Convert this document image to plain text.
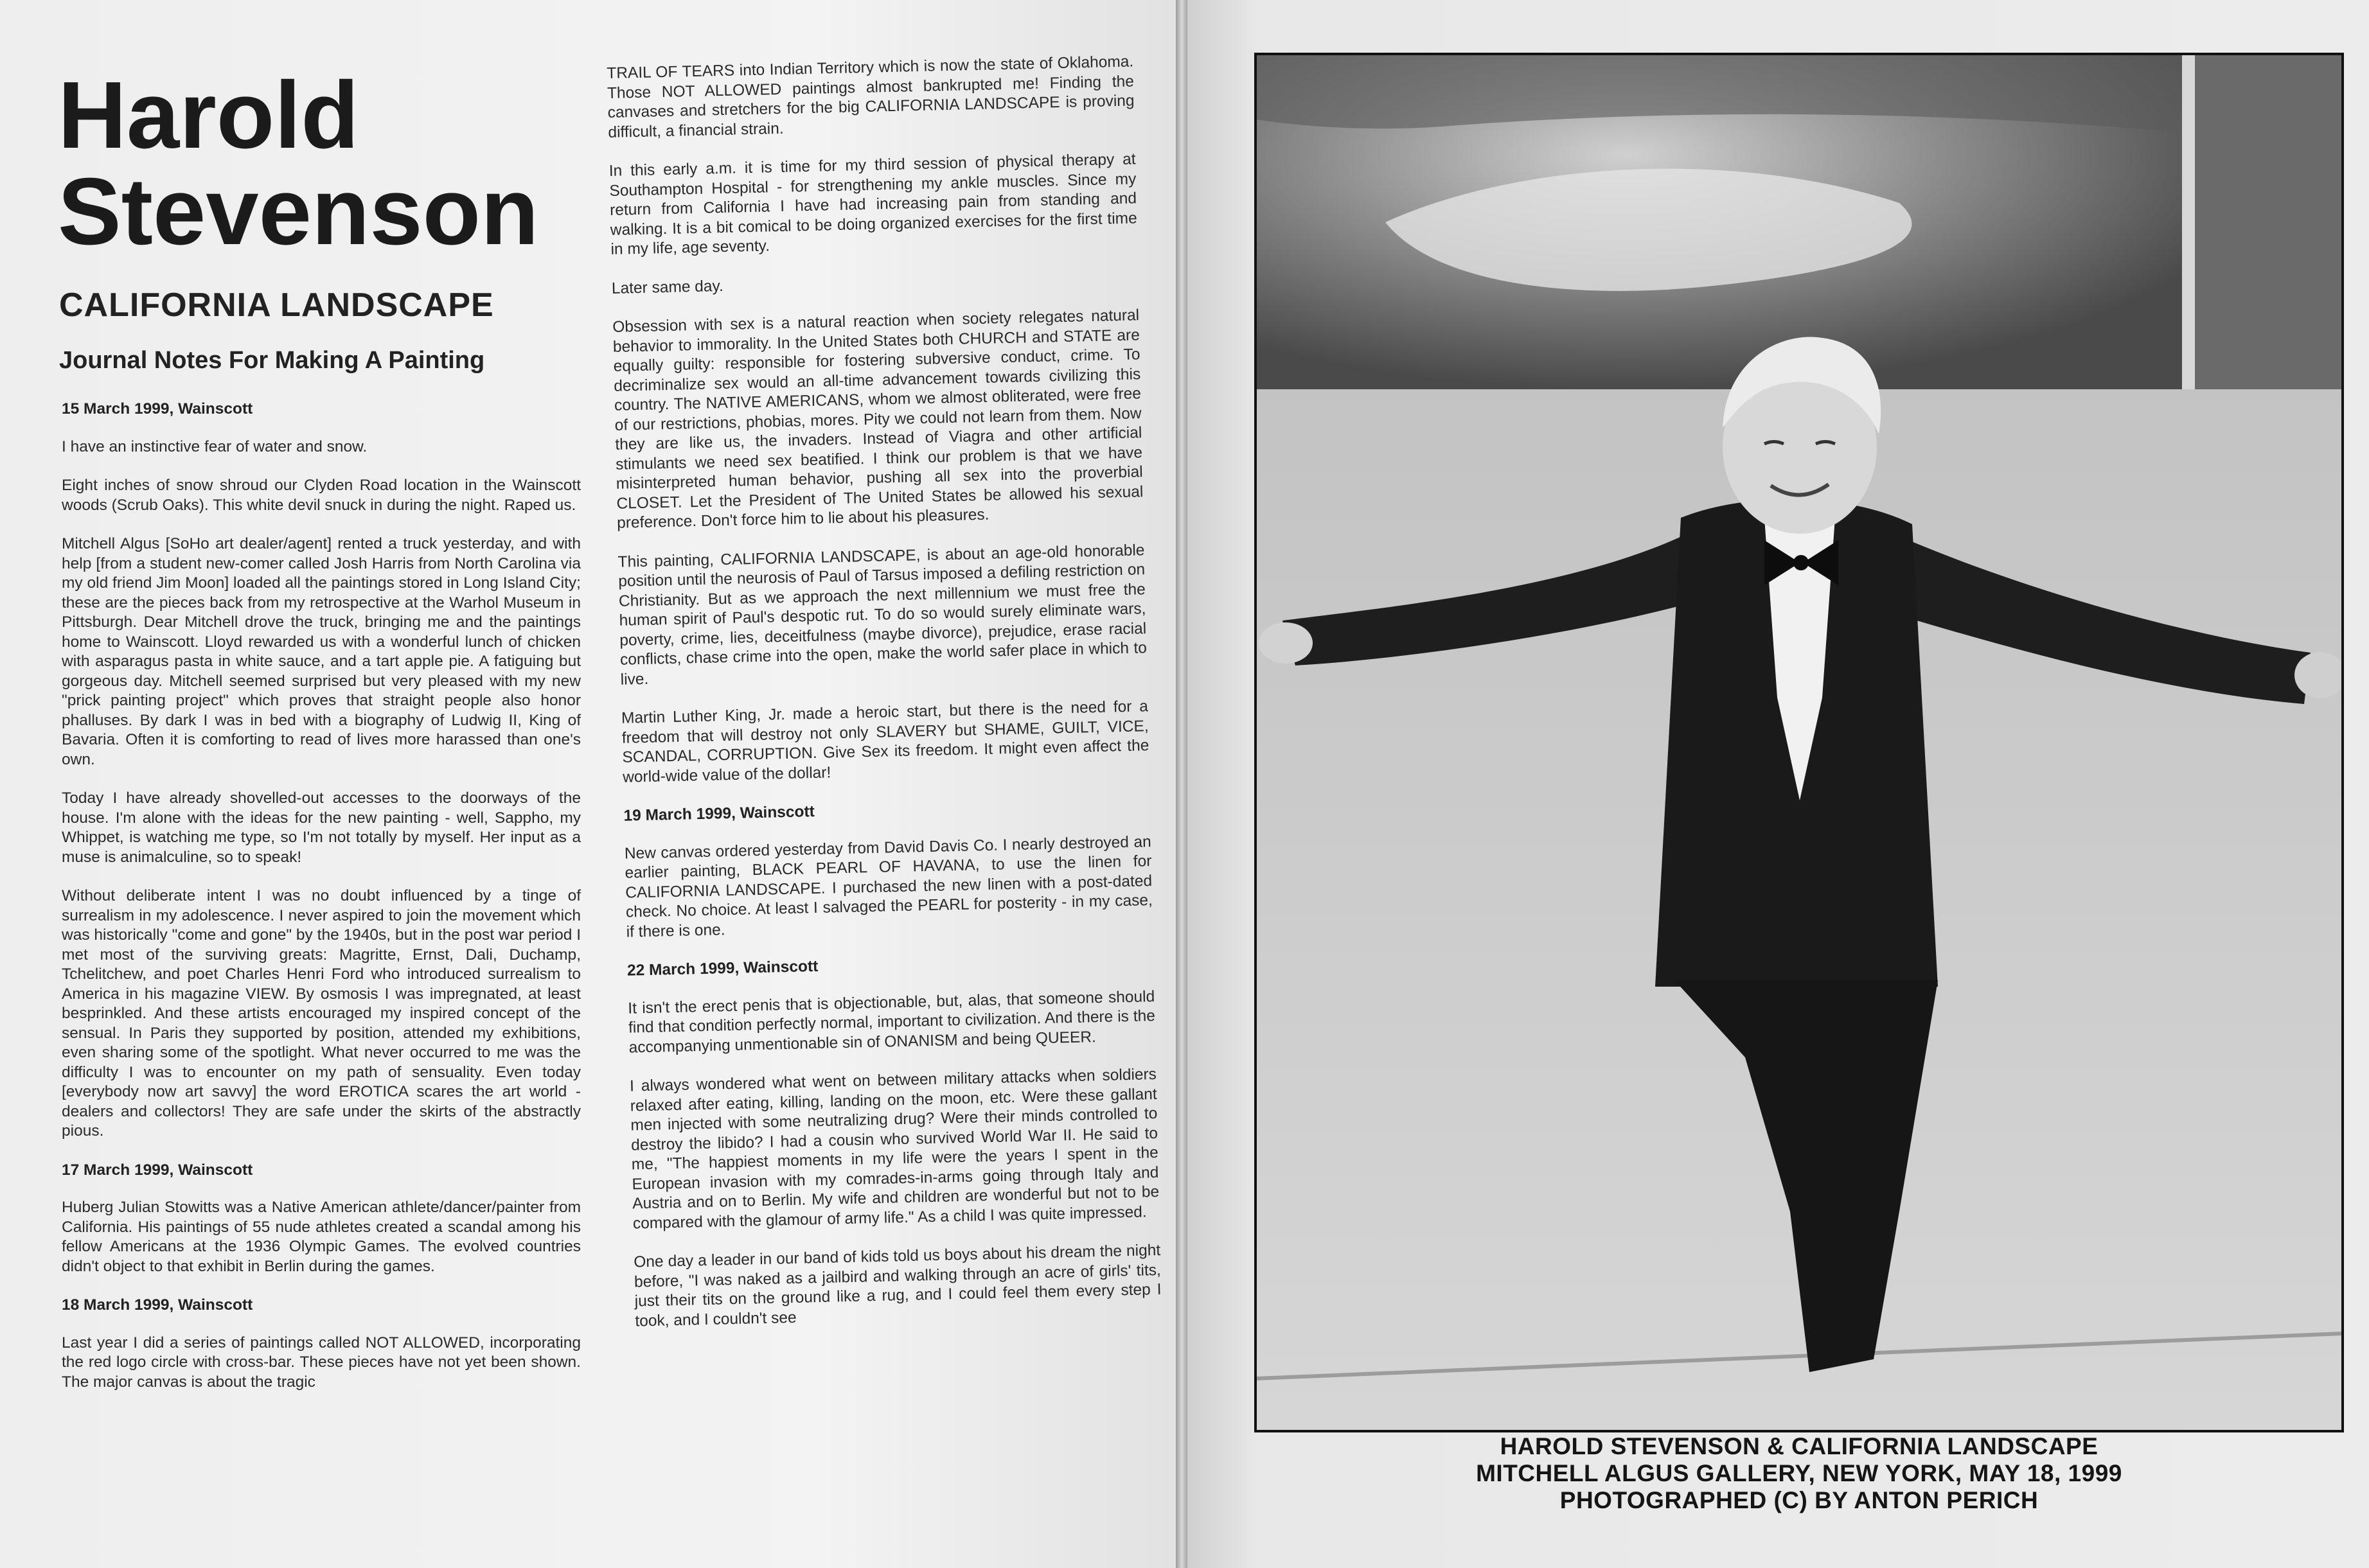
Harold
Stevenson
CALIFORNIA LANDSCAPE
Journal Notes For Making A Painting

15 March 1999, Wainscott

I have an instinctive fear of water and snow.

Eight inches of snow shroud our Clyden Road location in the Wainscott woods (Scrub Oaks). This white devil snuck in during the night. Raped us.

Mitchell Algus [SoHo art dealer/agent] rented a truck yesterday, and with help [from a student new-comer called Josh Harris from North Carolina via my old friend Jim Moon] loaded all the paintings stored in Long Island City; these are the pieces back from my retrospective at the Warhol Museum in Pittsburgh. Dear Mitchell drove the truck, bringing me and the paintings home to Wainscott. Lloyd rewarded us with a wonderful lunch of chicken with asparagus pasta in white sauce, and a tart apple pie. A fatiguing but gorgeous day. Mitchell seemed surprised but very pleased with my new "prick painting project" which proves that straight people also honor phalluses. By dark I was in bed with a biography of Ludwig II, King of Bavaria. Often it is comforting to read of lives more harassed than one's own.

Today I have already shovelled-out accesses to the doorways of the house. I'm alone with the ideas for the new painting - well, Sappho, my Whippet, is watching me type, so I'm not totally by myself. Her input as a muse is animalculine, so to speak!

Without deliberate intent I was no doubt influenced by a tinge of surrealism in my adolescence. I never aspired to join the movement which was historically "come and gone" by the 1940s, but in the post war period I met most of the surviving greats: Magritte, Ernst, Dali, Duchamp, Tchelitchew, and poet Charles Henri Ford who introduced surrealism to America in his magazine VIEW. By osmosis I was impregnated, at least besprinkled. And these artists encouraged my inspired concept of the sensual. In Paris they supported by position, attended my exhibitions, even sharing some of the spotlight. What never occurred to me was the difficulty I was to encounter on my path of sensuality. Even today [everybody now art savvy] the word EROTICA scares the art world - dealers and collectors! They are safe under the skirts of the abstractly pious.

17 March 1999, Wainscott

Huberg Julian Stowitts was a Native American athlete/dancer/painter from California. His paintings of 55 nude athletes created a scandal among his fellow Americans at the 1936 Olympic Games. The evolved countries didn't object to that exhibit in Berlin during the games.

18 March 1999, Wainscott

Last year I did a series of paintings called NOT ALLOWED, incorporating the red logo circle with cross-bar. These pieces have not yet been shown. The major canvas is about the tragic

TRAIL OF TEARS into Indian Territory which is now the state of Oklahoma. Those NOT ALLOWED paintings almost bankrupted me! Finding the canvases and stretchers for the big CALIFORNIA LANDSCAPE is proving difficult, a financial strain.

In this early a.m. it is time for my third session of physical therapy at Southampton Hospital - for strengthening my ankle muscles. Since my return from California I have had increasing pain from standing and walking. It is a bit comical to be doing organized exercises for the first time in my life, age seventy.

Later same day.

Obsession with sex is a natural reaction when society relegates natural behavior to immorality. In the United States both CHURCH and STATE are equally guilty: responsible for fostering subversive conduct, crime. To decriminalize sex would an all-time advancement towards civilizing this country. The NATIVE AMERICANS, whom we almost obliterated, were free of our restrictions, phobias, mores. Pity we could not learn from them. Now they are like us, the invaders. Instead of Viagra and other artificial stimulants we need sex beatified. I think our problem is that we have misinterpreted human behavior, pushing all sex into the proverbial CLOSET. Let the President of The United States be allowed his sexual preference. Don't force him to lie about his pleasures.

This painting, CALIFORNIA LANDSCAPE, is about an age-old honorable position until the neurosis of Paul of Tarsus imposed a defiling restriction on Christianity. But as we approach the next millennium we must free the human spirit of Paul's despotic rut. To do so would surely eliminate wars, poverty, crime, lies, deceitfulness (maybe divorce), prejudice, erase racial conflicts, chase crime into the open, make the world safer place in which to live.

Martin Luther King, Jr. made a heroic start, but there is the need for a freedom that will destroy not only SLAVERY but SHAME, GUILT, VICE, SCANDAL, CORRUPTION. Give Sex its freedom. It might even affect the world-wide value of the dollar!

19 March 1999, Wainscott

New canvas ordered yesterday from David Davis Co. I nearly destroyed an earlier painting, BLACK PEARL OF HAVANA, to use the linen for CALIFORNIA LANDSCAPE. I purchased the new linen with a post-dated check. No choice. At least I salvaged the PEARL for posterity - in my case, if there is one.

22 March 1999, Wainscott

It isn't the erect penis that is objectionable, but, alas, that someone should find that condition perfectly normal, important to civilization. And there is the accompanying unmentionable sin of ONANISM and being QUEER.

I always wondered what went on between military attacks when soldiers relaxed after eating, killing, landing on the moon, etc. Were these gallant men injected with some neutralizing drug? Were their minds controlled to destroy the libido? I had a cousin who survived World War II. He said to me, "The happiest moments in my life were the years I spent in the European invasion with my comrades-in-arms going through Italy and Austria and on to Berlin. My wife and children are wonderful but not to be compared with the glamour of army life." As a child I was quite impressed.

One day a leader in our band of kids told us boys about his dream the night before, "I was naked as a jailbird and walking through an acre of girls' tits, just their tits on the ground like a rug, and I could feel them every step I took, and I couldn't see

HAROLD STEVENSON & CALIFORNIA LANDSCAPE

MITCHELL ALGUS GALLERY, NEW YORK, MAY 18, 1999

PHOTOGRAPHED (C) BY ANTON PERICH
